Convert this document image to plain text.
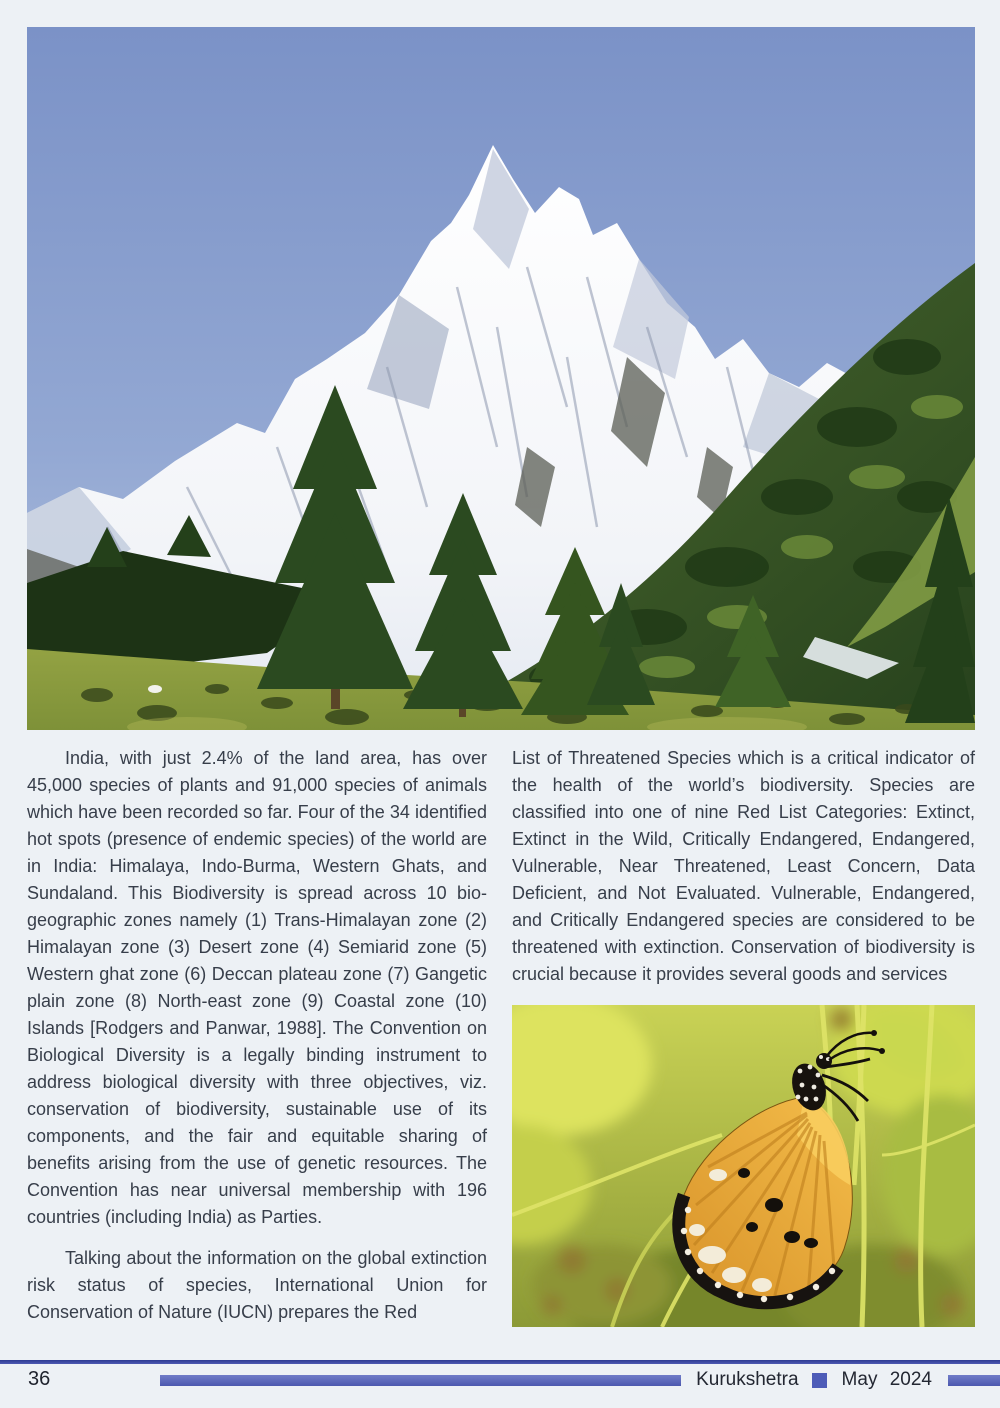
India, with just 2.4% of the land area, has over 45,000 species of plants and 91,000 species of animals which have been recorded so far. Four of the 34 identified hot spots (presence of endemic species) of the world are in India: Himalaya, Indo-Burma, Western Ghats, and Sundaland. This Biodiversity is spread across 10 bio-geographic zones namely (1) Trans-Himalayan zone (2) Himalayan zone (3) Desert zone (4) Semiarid zone (5) Western ghat zone (6) Deccan plateau zone (7) Gangetic plain zone (8) North-east zone (9) Coastal zone (10) Islands [Rodgers and Panwar, 1988]. The Convention on Biological Diversity is a legally binding instrument to address biological diversity with three objectives, viz. conservation of biodiversity, sustainable use of its components, and the fair and equitable sharing of benefits arising from the use of genetic resources. The Convention has near universal membership with 196 countries (including India) as Parties.

Talking about the information on the global extinction risk status of species, International Union for Conservation of Nature (IUCN) prepares the Red

List of Threatened Species which is a critical indicator of the health of the world’s biodiversity. Species are classified into one of nine Red List Categories: Extinct, Extinct in the Wild, Critically Endangered, Endangered, Vulnerable, Near Threatened, Least Concern, Data Deficient, and Not Evaluated. Vulnerable, Endangered, and Critically Endangered species are considered to be threatened with extinction. Conservation of biodiversity is crucial because it provides several goods and services

36	Kurukshetra May 2024
